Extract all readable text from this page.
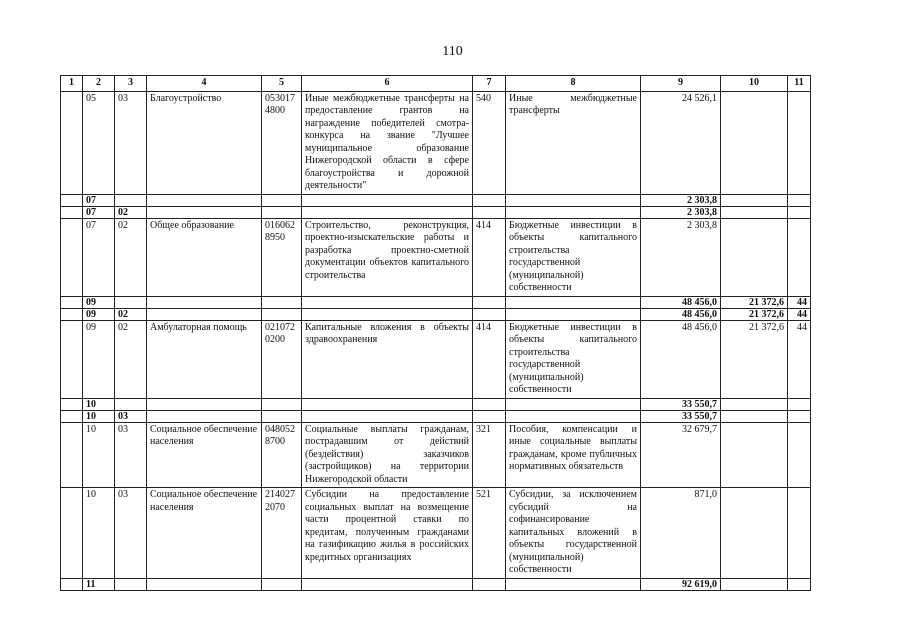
110
1	2	3	4	5	6	7	8	9	10	11
	05	03	Благоустройство	053017 4800	Иные межбюджетные трансферты на предоставление грантов на награждение победителей смотра-конкурса на звание "Лучшее муниципальное образование Нижегородской области в сфере благоустройства и дорожной деятельности"	540	Иные межбюджетные трансферты	24 526,1		
	07							2 303,8		
	07	02						2 303,8		
	07	02	Общее образование	016062 8950	Строительство, реконструкция, проектно-изыскательские работы и разработка проектно-сметной документации объектов капитального строительства	414	Бюджетные инвестиции в объекты капитального строительства государственной (муниципальной) собственности	2 303,8		
	09							48 456,0	21 372,6	44
	09	02						48 456,0	21 372,6	44
	09	02	Амбулаторная помощь	021072 0200	Капитальные вложения в объекты здравоохранения	414	Бюджетные инвестиции в объекты капитального строительства государственной (муниципальной) собственности	48 456,0	21 372,6	44
	10							33 550,7		
	10	03						33 550,7		
	10	03	Социальное обеспечение населения	048052 8700	Социальные выплаты гражданам, пострадавшим от действий (бездействия) заказчиков (застройщиков) на территории Нижегородской области	321	Пособия, компенсации и иные социальные выплаты гражданам, кроме публичных нормативных обязательств	32 679,7		
	10	03	Социальное обеспечение населения	214027 2070	Субсидии на предоставление социальных выплат на возмещение части процентной ставки по кредитам, полученным гражданами на газификацию жилья в российских кредитных организациях	521	Субсидии, за исключением субсидий на софинансирование капитальных вложений в объекты государственной (муниципальной) собственности	871,0		
	11							92 619,0		
